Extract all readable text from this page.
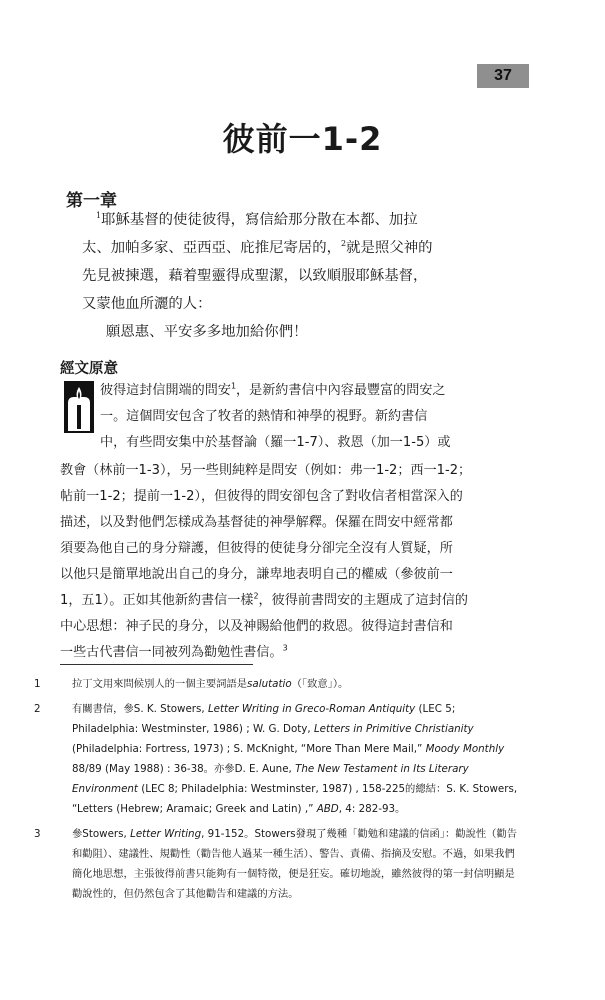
37
彼前一1-2
第一章

$^1$耶穌基督的使徒彼得，寫信給那分散在本都、加拉

太、加帕多家、亞西亞、庇推尼寄居的，$^2$就是照父神的

先見被揀選，藉着聖靈得成聖潔，以致順服耶穌基督，

又蒙他血所灑的人：

願恩惠、平安多多地加給你們！

經文原意
彼得這封信開端的問安$^1$，是新約書信中內容最豐富的問安之
一。這個問安包含了牧者的熱情和神學的視野。新約書信
中，有些問安集中於基督論（羅一1-7）、救恩（加一1-5）或
教會（林前一1-3），另一些則純粹是問安（例如：弗一1-2；西一1-2；
帖前一1-2；提前一1-2），但彼得的問安卻包含了對收信者相當深入的
描述，以及對他們怎樣成為基督徒的神學解釋。保羅在問安中經常都
須要為他自己的身分辯護，但彼得的使徒身分卻完全沒有人質疑，所
以他只是簡單地說出自己的身分，謙卑地表明自己的權威（參彼前一
1，五1）。正如其他新約書信一樣$^2$，彼得前書問安的主題成了這封信的
中心思想：神子民的身分，以及神賜給他們的救恩。彼得這封書信和
一些古代書信一同被列為勸勉性書信。$^3$
1	拉丁文用來問候別人的一個主要詞語是salutatio（「致意」）。
2	有關書信，參S. K. Stowers, Letter Writing in Greco-Roman Antiquity (LEC 5; Philadelphia: Westminster, 1986) ; W. G. Doty, Letters in Primitive Christianity (Philadelphia: Fortress, 1973) ; S. McKnight, “More Than Mere Mail,” Moody Monthly 88/89 (May 1988) : 36-38。亦參D. E. Aune, The New Testament in Its Literary Environment (LEC 8; Philadelphia: Westminster, 1987) , 158-225的總結：S. K. Stowers, “Letters (Hebrew; Aramaic; Greek and Latin) ,” ABD, 4: 282-93。
3	參Stowers, Letter Writing, 91-152。Stowers發現了幾種「勸勉和建議的信函」：勸說性（勸告和勸阻）、建議性、規勸性（勸告他人過某一種生活）、警告、責備、指摘及安慰。不過，如果我們簡化地思想，主張彼得前書只能夠有一個特徵，便是狂妄。確切地說，雖然彼得的第一封信明顯是勸說性的，但仍然包含了其他勸告和建議的方法。
